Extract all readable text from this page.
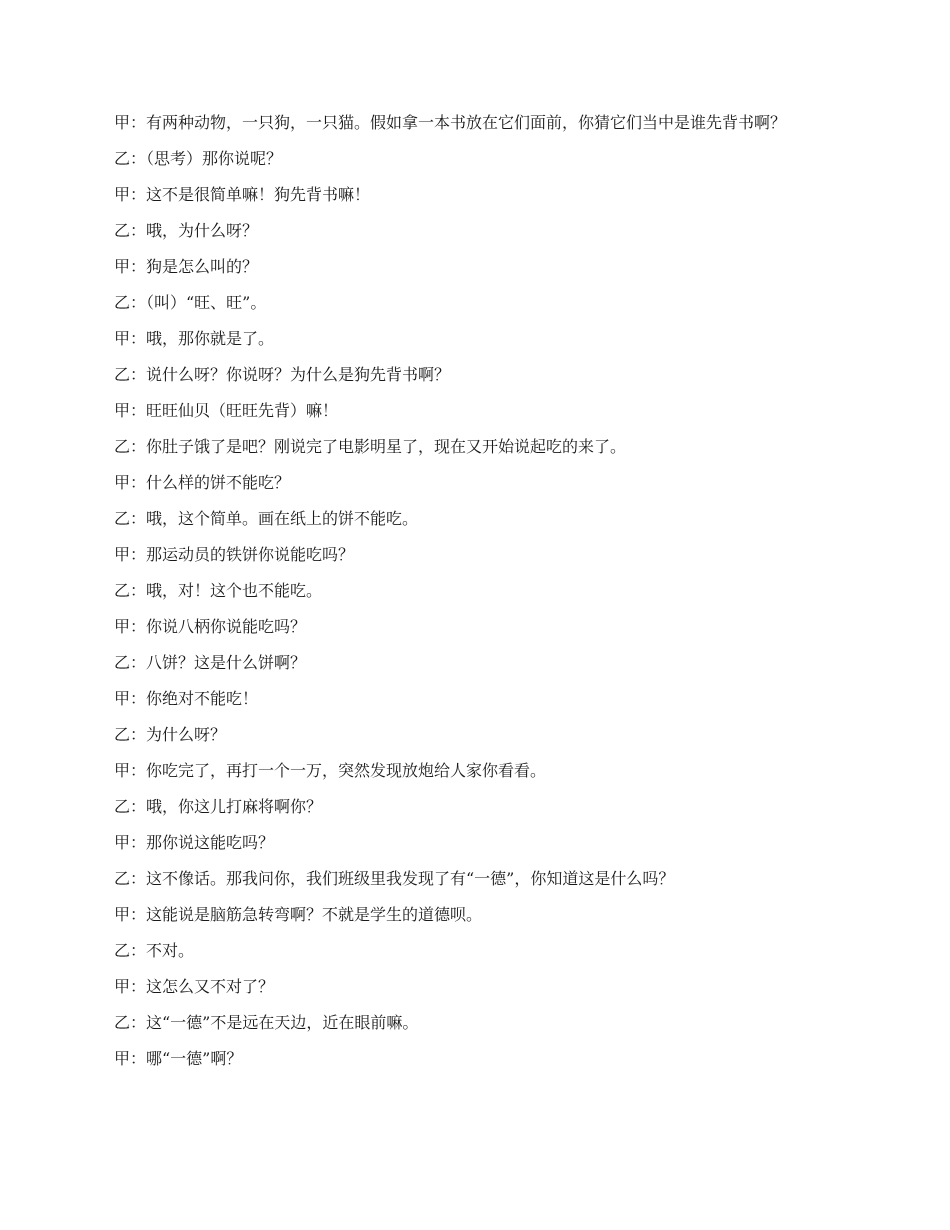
甲：有两种动物，一只狗，一只猫。假如拿一本书放在它们面前，你猜它们当中是谁先背书啊？

乙：（思考）那你说呢？

甲：这不是很简单嘛！狗先背书嘛！

乙：哦，为什么呀？

甲：狗是怎么叫的？

乙：（叫）“旺、旺”。

甲：哦，那你就是了。

乙：说什么呀？你说呀？为什么是狗先背书啊？

甲：旺旺仙贝（旺旺先背）嘛！

乙：你肚子饿了是吧？刚说完了电影明星了，现在又开始说起吃的来了。

甲：什么样的饼不能吃？

乙：哦，这个简单。画在纸上的饼不能吃。

甲：那运动员的铁饼你说能吃吗？

乙：哦，对！这个也不能吃。

甲：你说八柄你说能吃吗？

乙：八饼？这是什么饼啊？

甲：你绝对不能吃！

乙：为什么呀？

甲：你吃完了，再打一个一万，突然发现放炮给人家你看看。

乙：哦，你这儿打麻将啊你？

甲：那你说这能吃吗？

乙：这不像话。那我问你，我们班级里我发现了有“一德”，你知道这是什么吗？

甲：这能说是脑筋急转弯啊？不就是学生的道德呗。

乙：不对。

甲：这怎么又不对了？

乙：这“一德”不是远在天边，近在眼前嘛。

甲：哪“一德”啊？
